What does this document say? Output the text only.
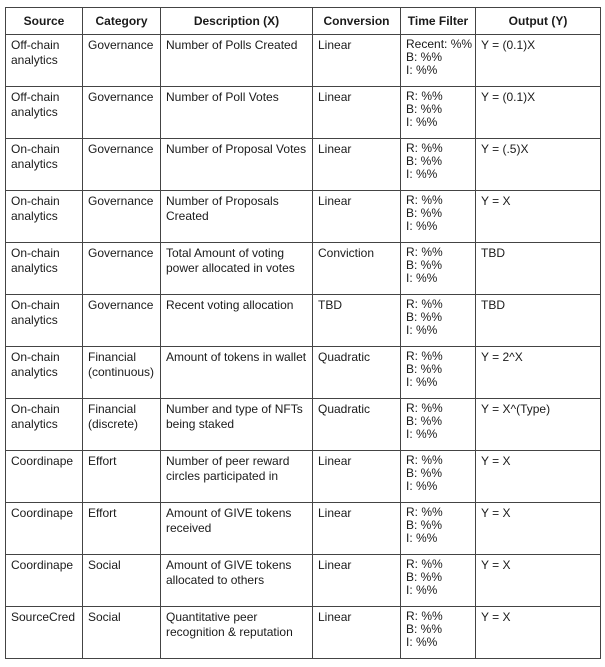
Source	Category	Description (X)	Conversion	Time Filter	Output (Y)

Off-chain analytics	Governance	Number of Polls Created	Linear	Recent: %%
B: %%
I: %%	Y = (0.1)X

Off-chain analytics	Governance	Number of Poll Votes	Linear	R: %%
B: %%
I: %%	Y = (0.1)X

On-chain analytics	Governance	Number of Proposal Votes	Linear	R: %%
B: %%
I: %%	Y = (.5)X

On-chain analytics	Governance	Number of Proposals Created	Linear	R: %%
B: %%
I: %%	Y = X

On-chain analytics	Governance	Total Amount of voting power allocated in votes	Conviction	R: %%
B: %%
I: %%	TBD

On-chain analytics	Governance	Recent voting allocation	TBD	R: %%
B: %%
I: %%	TBD

On-chain analytics	Financial (continuous)	Amount of tokens in wallet	Quadratic	R: %%
B: %%
I: %%	Y = 2^X

On-chain analytics	Financial (discrete)	Number and type of NFTs being staked	Quadratic	R: %%
B: %%
I: %%	Y = X^(Type)

Coordinape	Effort	Number of peer reward circles participated in	Linear	R: %%
B: %%
I: %%	Y = X

Coordinape	Effort	Amount of GIVE tokens received	Linear	R: %%
B: %%
I: %%	Y = X

Coordinape	Social	Amount of GIVE tokens allocated to others	Linear	R: %%
B: %%
I: %%	Y = X

SourceCred	Social	Quantitative peer recognition & reputation	Linear	R: %%
B: %%
I: %%	Y = X
